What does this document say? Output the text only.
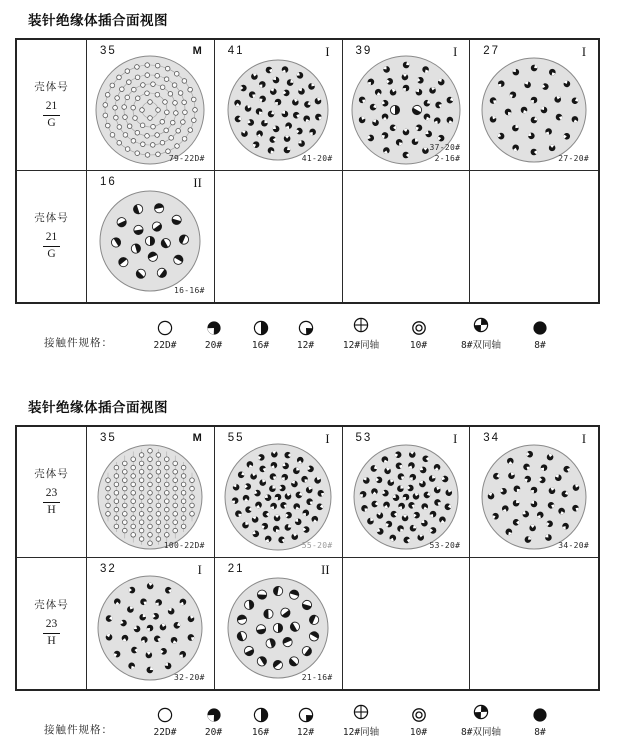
装针绝缘体插合面视图
壳体号
$\frac{21}{G}$
35	M
79-22D#
41	I
41-20#
39	I
37-20#
2-16#
27	I
27-20#
壳体号
$\frac{21}{G}$
16	II
16-16#
接触件规格：	22D#	20#	16#	12#	12#同轴	10#	8#双同轴	8#
装针绝缘体插合面视图
壳体号
$\frac{23}{H}$
35	M
100-22D#
55	I
55-20#
53	I
53-20#
34	I
34-20#
壳体号
$\frac{23}{H}$
32	I
32-20#
21	II
21-16#
接触件规格：	22D#	20#	16#	12#	12#同轴	10#	8#双同轴	8#
